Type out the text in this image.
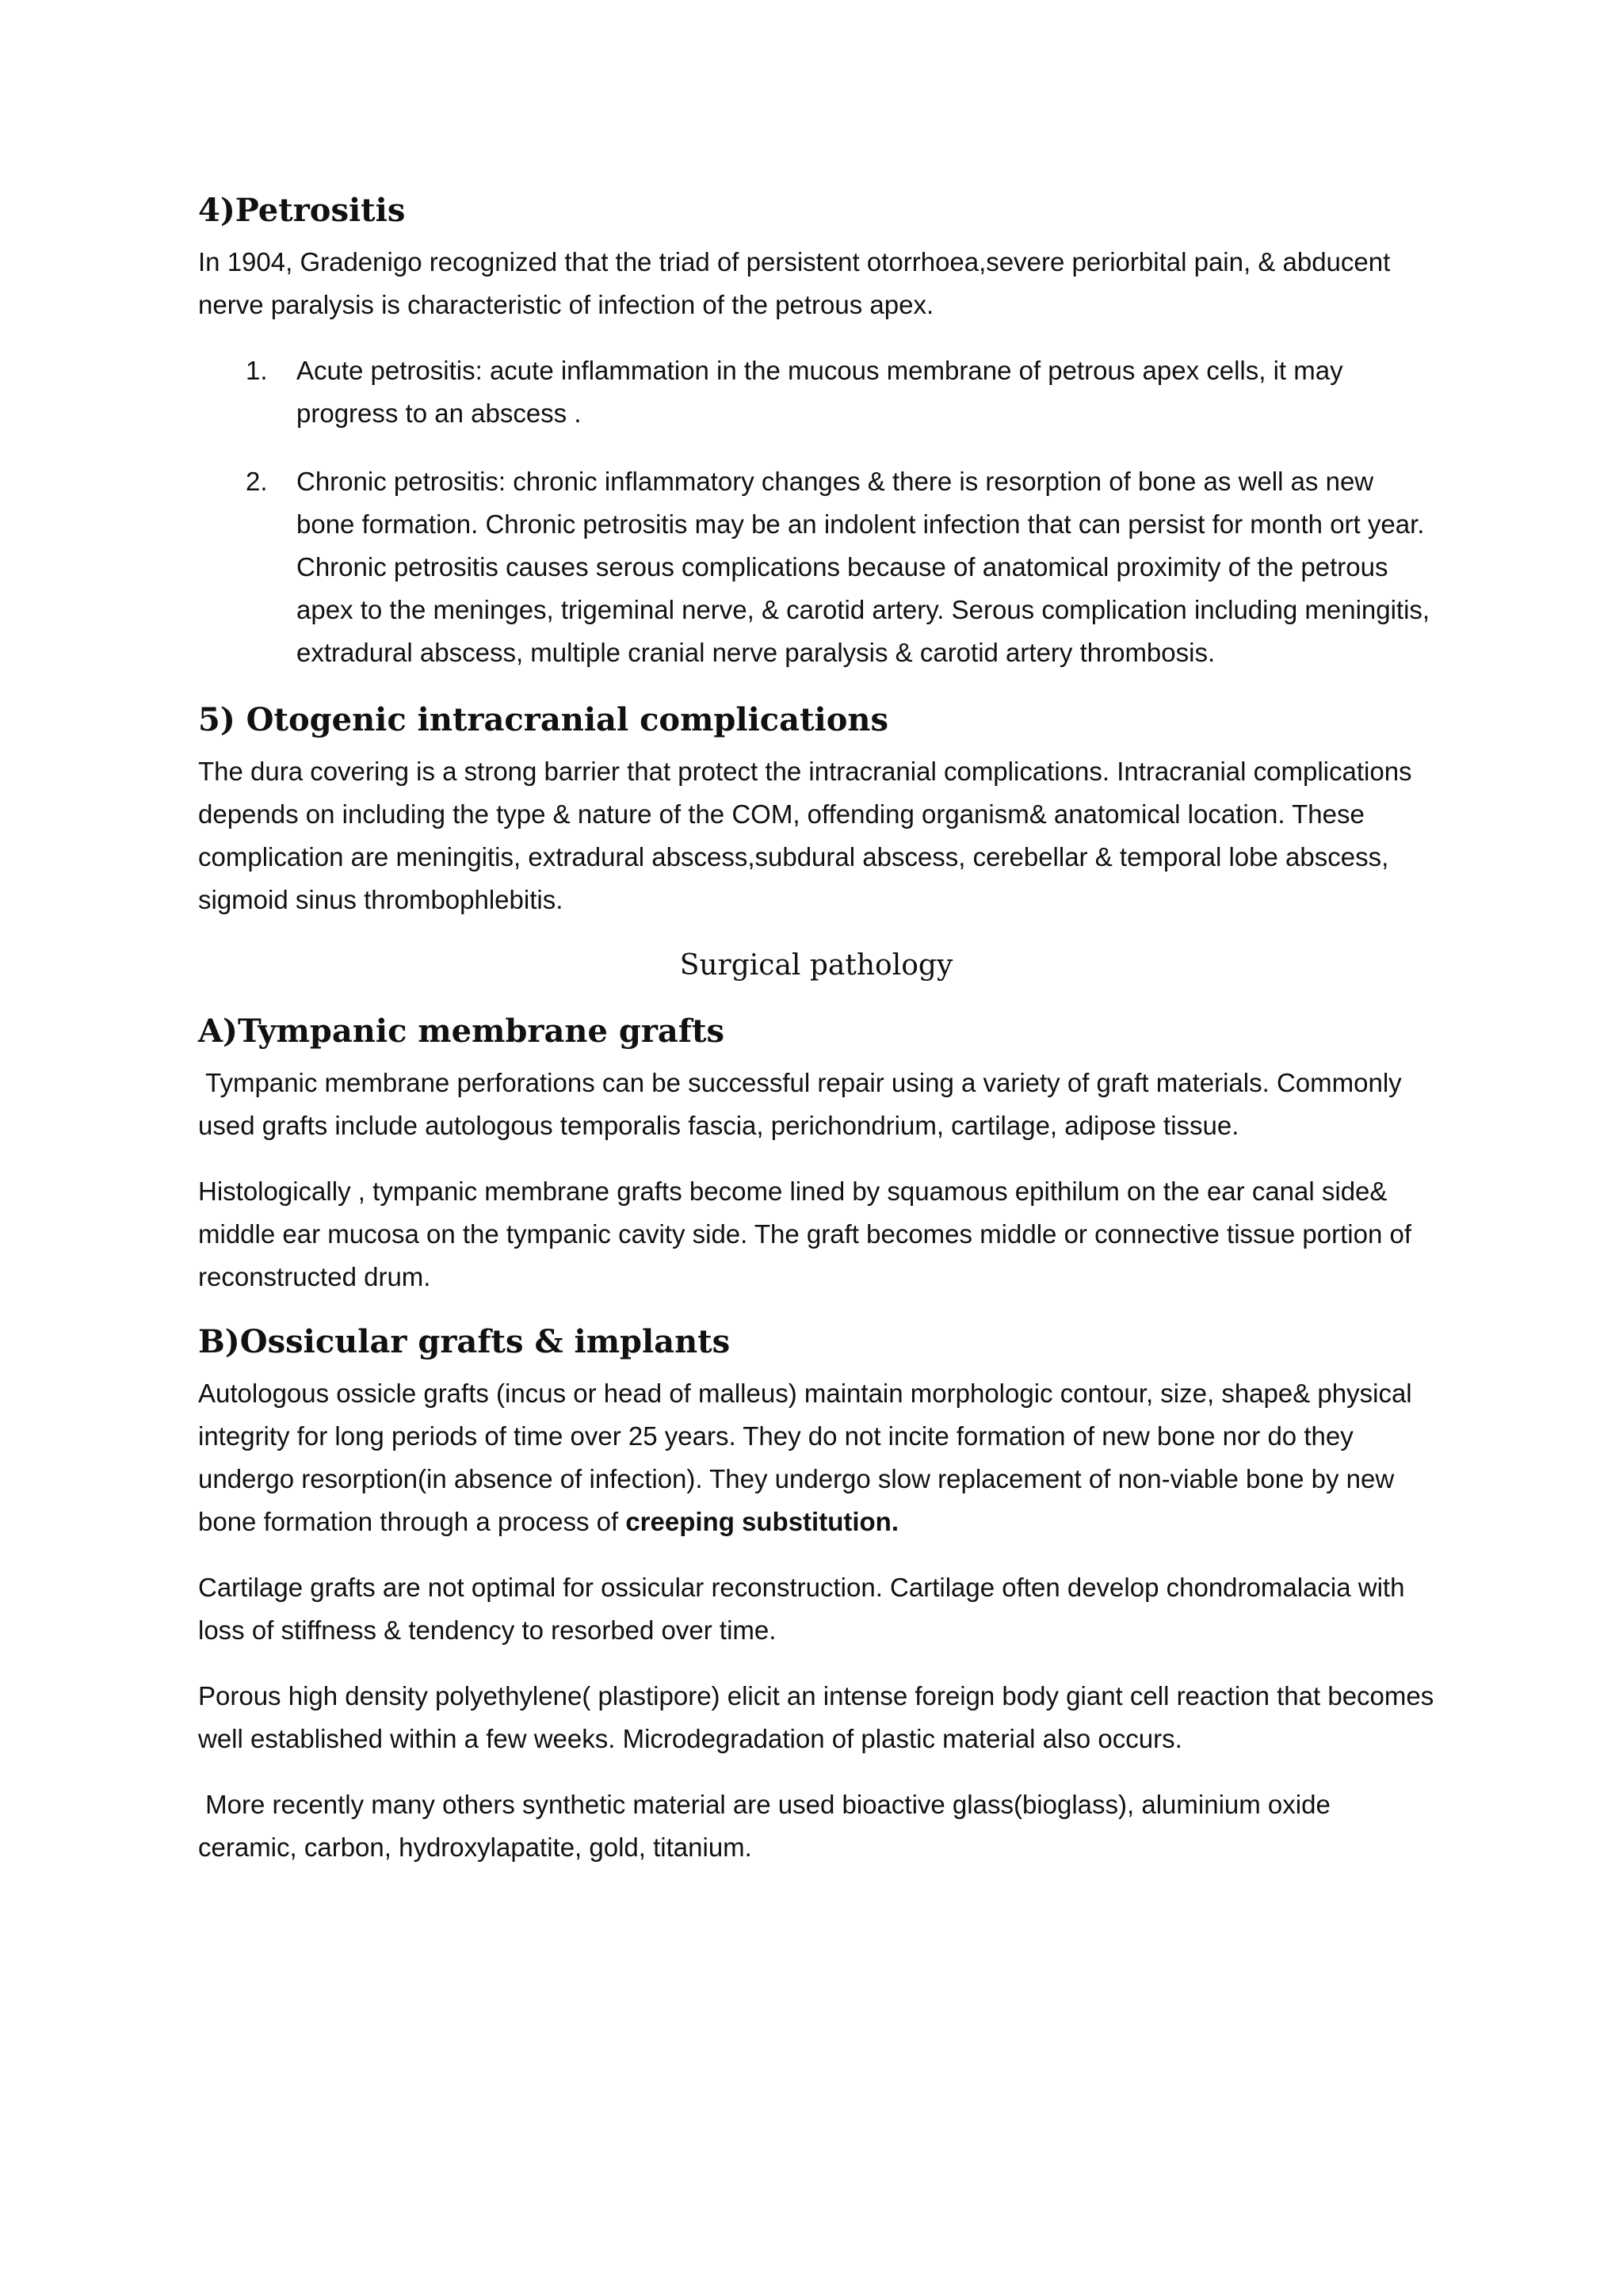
4)Petrositis

In 1904, Gradenigo recognized that the triad of persistent otorrhoea,severe periorbital pain, & abducent nerve paralysis is characteristic of infection of the petrous apex.

1. Acute petrositis: acute inflammation in the mucous membrane of petrous apex cells, it may progress to an abscess .
2. Chronic petrositis: chronic inflammatory changes & there is resorption of bone as well as new bone formation. Chronic petrositis may be an indolent infection that can persist for month ort year. Chronic petrositis causes serous complications because of anatomical proximity of the petrous apex to the meninges, trigeminal nerve, & carotid artery. Serous complication including meningitis, extradural abscess, multiple cranial nerve paralysis & carotid artery thrombosis.
5) Otogenic intracranial complications

The dura covering is a strong barrier that protect the intracranial complications. Intracranial complications depends on including the type & nature of the COM, offending organism& anatomical location. These complication are meningitis, extradural abscess,subdural abscess, cerebellar & temporal lobe abscess, sigmoid sinus thrombophlebitis.

Surgical pathology
A)Tympanic membrane grafts

Tympanic membrane perforations can be successful repair using a variety of graft materials. Commonly used grafts include autologous temporalis fascia, perichondrium, cartilage, adipose tissue.

Histologically , tympanic membrane grafts become lined by squamous epithilum on the ear canal side& middle ear mucosa on the tympanic cavity side. The graft becomes middle or connective tissue portion of reconstructed drum.

B)Ossicular grafts & implants

Autologous ossicle grafts (incus or head of malleus) maintain morphologic contour, size, shape& physical integrity for long periods of time over 25 years. They do not incite formation of new bone nor do they undergo resorption(in absence of infection). They undergo slow replacement of non-viable bone by new bone formation through a process of creeping substitution.

Cartilage grafts are not optimal for ossicular reconstruction. Cartilage often develop chondromalacia with loss of stiffness & tendency to resorbed over time.

Porous high density polyethylene( plastipore) elicit an intense foreign body giant cell reaction that becomes well established within a few weeks. Microdegradation of plastic material also occurs.

More recently many others synthetic material are used bioactive glass(bioglass), aluminium oxide ceramic, carbon, hydroxylapatite, gold, titanium.
